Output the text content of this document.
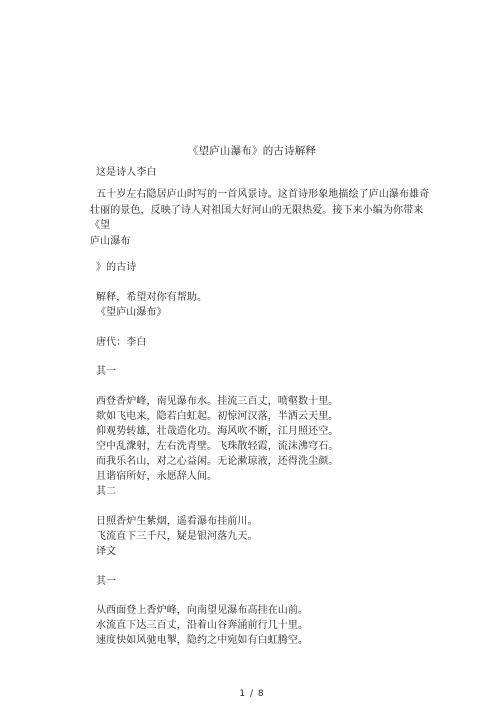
《望庐山瀑布》的古诗解释
这是诗人李白
五十岁左右隐居庐山时写的一首风景诗。这首诗形象地描绘了庐山瀑布雄奇
壮丽的景色，反映了诗人对祖国大好河山的无限热爱。接下来小编为你带来《望
庐山瀑布
》的古诗
解释，希望对你有帮助。
《望庐山瀑布》
唐代：李白
其一
西登香炉峰，南见瀑布水。挂流三百丈，喷壑数十里。
欻如飞电来，隐若白虹起。初惊河汉落，半洒云天里。
仰观势转雄，壮哉造化功。海风吹不断，江月照还空。
空中乱潨射，左右洗青壁。飞珠散轻霞，流沫沸穹石。
而我乐名山，对之心益闲。无论漱琼液，还得洗尘颜。
且谐宿所好，永愿辞人间。
其二
日照香炉生紫烟，遥看瀑布挂前川。
飞流直下三千尺，疑是银河落九天。
译文
其一
从西面登上香炉峰，向南望见瀑布高挂在山前。
水流直下达三百丈，沿着山谷奔涌前行几十里。
速度快如风驰电掣，隐约之中宛如有白虹腾空。
1 / 8
